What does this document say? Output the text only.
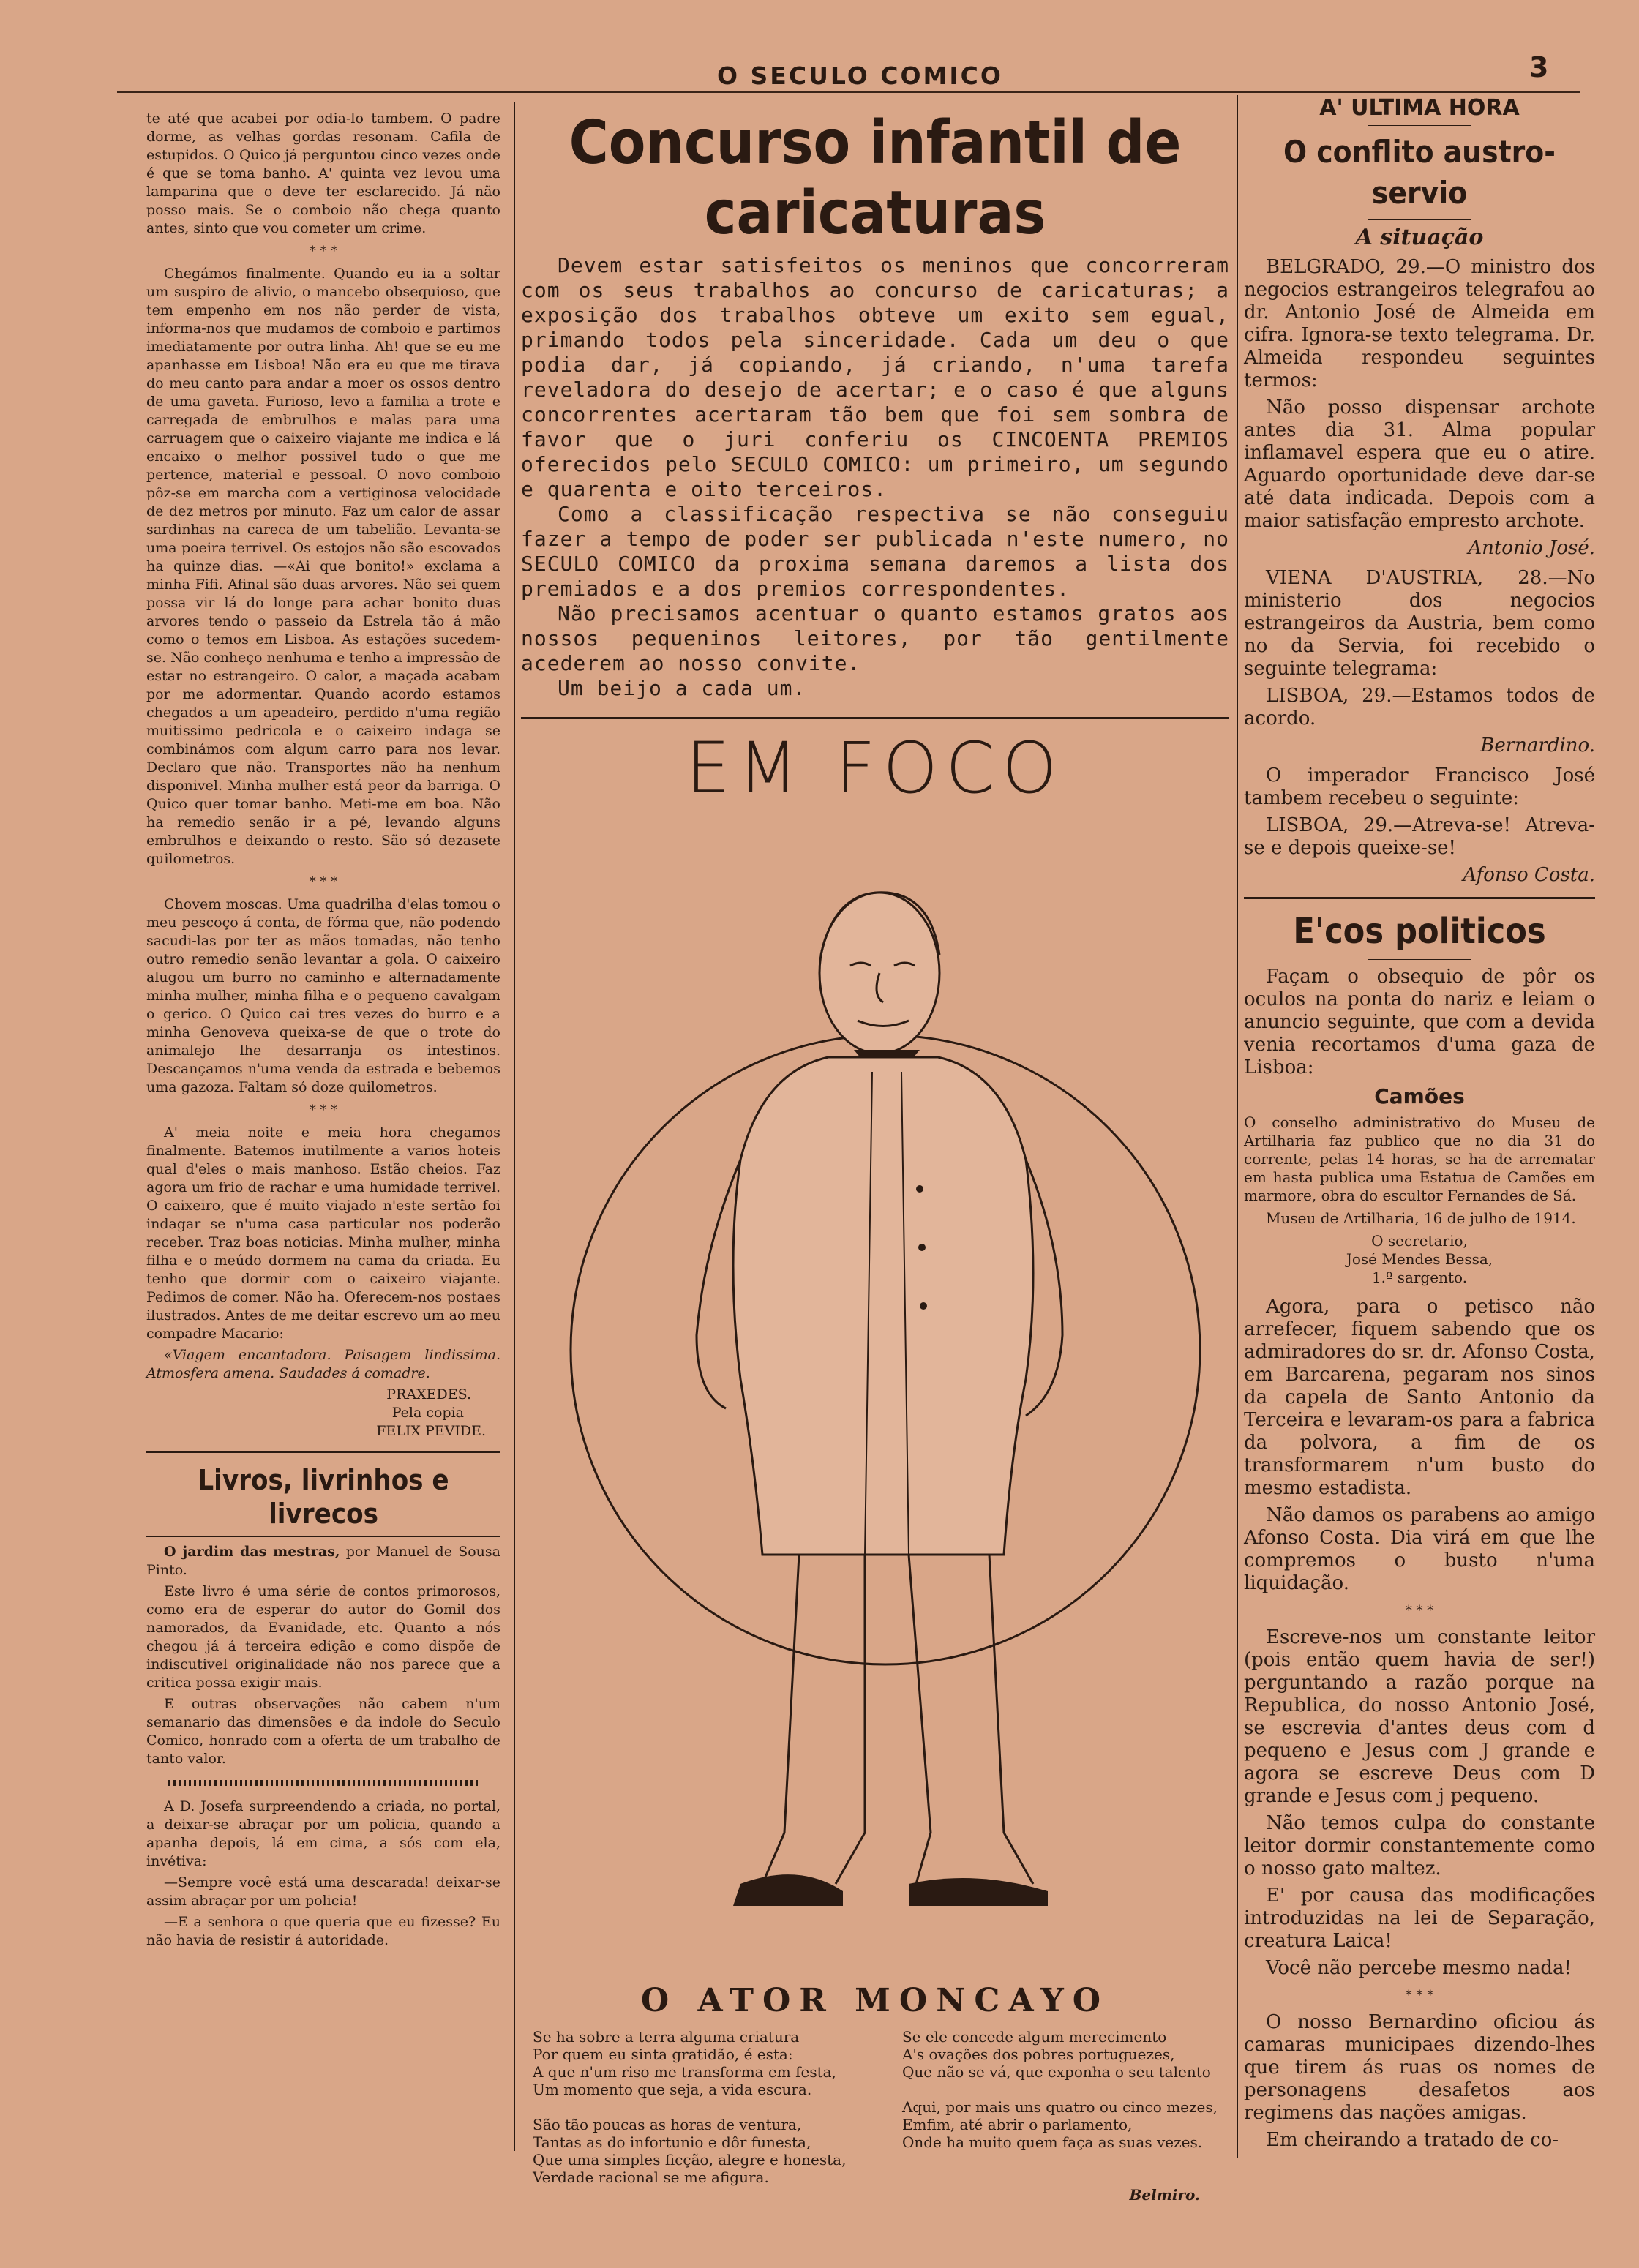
O SECULO COMICO	3

te até que acabei por odia-lo tambem. O padre dorme, as velhas gordas resonam. Cafila de estupidos. O Quico já perguntou cinco vezes onde é que se toma banho. A' quinta vez levou uma lamparina que o deve ter esclarecido. Já não posso mais. Se o comboio não chega quanto antes, sinto que vou cometer um crime.

* * *

Chegámos finalmente. Quando eu ia a soltar um suspiro de alivio, o mancebo obsequioso, que tem empenho em nos não perder de vista, informa-nos que mudamos de comboio e partimos imediatamente por outra linha. Ah! que se eu me apanhasse em Lisboa! Não era eu que me tirava do meu canto para andar a moer os ossos dentro de uma gaveta. Furioso, levo a familia a trote e carregada de embrulhos e malas para uma carruagem que o caixeiro viajante me indica e lá encaixo o melhor possivel tudo o que me pertence, material e pessoal. O novo comboio pôz-se em marcha com a vertiginosa velocidade de dez metros por minuto. Faz um calor de assar sardinhas na careca de um tabelião. Levanta-se uma poeira terrivel. Os estojos não são escovados ha quinze dias. —«Ai que bonito!» exclama a minha Fifi. Afinal são duas arvores. Não sei quem possa vir lá do longe para achar bonito duas arvores tendo o passeio da Estrela tão á mão como o temos em Lisboa. As estações sucedem-se. Não conheço nenhuma e tenho a impressão de estar no estrangeiro. O calor, a maçada acabam por me adormentar. Quando acordo estamos chegados a um apeadeiro, perdido n'uma região muitissimo pedricola e o caixeiro indaga se combinámos com algum carro para nos levar. Declaro que não. Transportes não ha nenhum disponivel. Minha mulher está peor da barriga. O Quico quer tomar banho. Meti-me em boa. Não ha remedio senão ir a pé, levando alguns embrulhos e deixando o resto. São só dezasete quilometros.

* * *

Chovem moscas. Uma quadrilha d'elas tomou o meu pescoço á conta, de fórma que, não podendo sacudi-las por ter as mãos tomadas, não tenho outro remedio senão levantar a gola. O caixeiro alugou um burro no caminho e alternadamente minha mulher, minha filha e o pequeno cavalgam o gerico. O Quico cai tres vezes do burro e a minha Genoveva queixa-se de que o trote do animalejo lhe desarranja os intestinos. Descançamos n'uma venda da estrada e bebemos uma gazoza. Faltam só doze quilometros.

* * *

A' meia noite e meia hora chegamos finalmente. Batemos inutilmente a varios hoteis qual d'eles o mais manhoso. Estão cheios. Faz agora um frio de rachar e uma humidade terrivel. O caixeiro, que é muito viajado n'este sertão foi indagar se n'uma casa particular nos poderão receber. Traz boas noticias. Minha mulher, minha filha e o meúdo dormem na cama da criada. Eu tenho que dormir com o caixeiro viajante. Pedimos de comer. Não ha. Oferecem-nos postaes ilustrados. Antes de me deitar escrevo um ao meu compadre Macario:

«Viagem encantadora. Paisagem lindissima. Atmosfera amena. Saudades á comadre.

PRAXEDES.
Pela copia
FELIX PEVIDE.
Livros, livrinhos e livrecos

O jardim das mestras, por Manuel de Sousa Pinto.

Este livro é uma série de contos primorosos, como era de esperar do autor do Gomil dos namorados, da Evanidade, etc. Quanto a nós chegou já á terceira edição e como dispõe de indiscutivel originalidade não nos parece que a critica possa exigir mais.

E outras observações não cabem n'um semanario das dimensões e da indole do Seculo Comico, honrado com a oferta de um trabalho de tanto valor.

A D. Josefa surpreendendo a criada, no portal, a deixar-se abraçar por um policia, quando a apanha depois, lá em cima, a sós com ela, invétiva:

—Sempre você está uma descarada! deixar-se assim abraçar por um policia!

—E a senhora o que queria que eu fizesse? Eu não havia de resistir á autoridade.

Concurso infantil de caricaturas

Devem estar satisfeitos os meninos que concorreram com os seus trabalhos ao concurso de caricaturas; a exposição dos trabalhos obteve um exito sem egual, primando todos pela sinceridade. Cada um deu o que podia dar, já copiando, já criando, n'uma tarefa reveladora do desejo de acertar; e o caso é que alguns concorrentes acertaram tão bem que foi sem sombra de favor que o juri conferiu os CINCOENTA PREMIOS oferecidos pelo SECULO COMICO: um primeiro, um segundo e quarenta e oito terceiros.

Como a classificação respectiva se não conseguiu fazer a tempo de poder ser publicada n'este numero, no SECULO COMICO da proxima semana daremos a lista dos premiados e a dos premios correspondentes.

Não precisamos acentuar o quanto estamos gratos aos nossos pequeninos leitores, por tão gentilmente acederem ao nosso convite.

Um beijo a cada um.

EM FOCO
O ATOR MONCAYO
Se ha sobre a terra alguma criatura
Por quem eu sinta gratidão, é esta:
A que n'um riso me transforma em festa,
Um momento que seja, a vida escura.

São tão poucas as horas de ventura,
Tantas as do infortunio e dôr funesta,
Que uma simples ficção, alegre e honesta,
Verdade racional se me afigura.
Se ele concede algum merecimento
A's ovações dos pobres portuguezes,
Que não se vá, que exponha o seu talento

Aqui, por mais uns quatro ou cinco mezes,
Emfim, até abrir o parlamento,
Onde ha muito quem faça as suas vezes.
Belmiro.
A' ULTIMA HORA
O conflito austro-servio
A situação

BELGRADO, 29.—O ministro dos negocios estrangeiros telegrafou ao dr. Antonio José de Almeida em cifra. Ignora-se texto telegrama. Dr. Almeida respondeu seguintes termos:

Não posso dispensar archote antes dia 31. Alma popular inflamavel espera que eu o atire. Aguardo oportunidade deve dar-se até data indicada. Depois com a maior satisfação empresto archote.

Antonio José.

VIENA D'AUSTRIA, 28.—No ministerio dos negocios estrangeiros da Austria, bem como no da Servia, foi recebido o seguinte telegrama:

LISBOA, 29.—Estamos todos de acordo.

Bernardino.

O imperador Francisco José tambem recebeu o seguinte:

LISBOA, 29.—Atreva-se! Atreva-se e depois queixe-se!

Afonso Costa.
E'cos politicos

Façam o obsequio de pôr os oculos na ponta do nariz e leiam o anuncio seguinte, que com a devida venia recortamos d'uma gaza de Lisboa:

Camões

O conselho administrativo do Museu de Artilharia faz publico que no dia 31 do corrente, pelas 14 horas, se ha de arrematar em hasta publica uma Estatua de Camões em marmore, obra do escultor Fernandes de Sá.

Museu de Artilharia, 16 de julho de 1914.

O secretario,
José Mendes Bessa,
1.º sargento.

Agora, para o petisco não arrefecer, fiquem sabendo que os admiradores do sr. dr. Afonso Costa, em Barcarena, pegaram nos sinos da capela de Santo Antonio da Terceira e levaram-os para a fabrica da polvora, a fim de os transformarem n'um busto do mesmo estadista.

Não damos os parabens ao amigo Afonso Costa. Dia virá em que lhe compremos o busto n'uma liquidação.

* * *

Escreve-nos um constante leitor (pois então quem havia de ser!) perguntando a razão porque na Republica, do nosso Antonio José, se escrevia d'antes deus com d pequeno e Jesus com J grande e agora se escreve Deus com D grande e Jesus com j pequeno.

Não temos culpa do constante leitor dormir constantemente como o nosso gato maltez.

E' por causa das modificações introduzidas na lei de Separação, creatura Laica!

Você não percebe mesmo nada!

* * *

O nosso Bernardino oficiou ás camaras municipaes dizendo-lhes que tirem ás ruas os nomes de personagens desafetos aos regimens das nações amigas.

Em cheirando a tratado de co-
